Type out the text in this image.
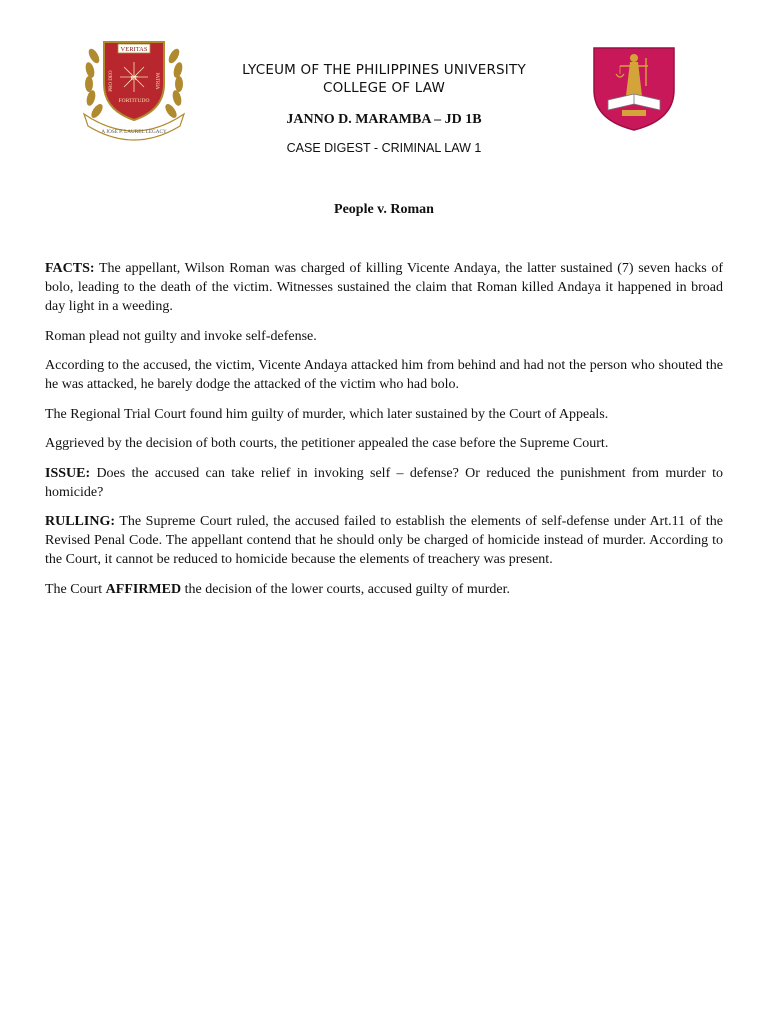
A JOSE P. LAUREL LEGACY
VERITAS
PRO DEO	PATRIA
ET
FORTITUDO
LYCEUM OF THE PHILIPPINES UNIVERSITY
COLLEGE OF LAW
JANNO D. MARAMBA – JD 1B
CASE DIGEST - CRIMINAL LAW 1
People v. Roman

FACTS: The appellant, Wilson Roman was charged of killing Vicente Andaya, the latter sustained (7) seven hacks of bolo, leading to the death of the victim. Witnesses sustained the claim that Roman killed Andaya it happened in broad day light in a weeding.

Roman plead not guilty and invoke self-defense.

According to the accused, the victim, Vicente Andaya attacked him from behind and had not the person who shouted the he was attacked, he barely dodge the attacked of the victim who had bolo.

The Regional Trial Court found him guilty of murder, which later sustained by the Court of Appeals.

Aggrieved by the decision of both courts, the petitioner appealed the case before the Supreme Court.

ISSUE: Does the accused can take relief in invoking self – defense? Or reduced the punishment from murder to homicide?

RULLING: The Supreme Court ruled, the accused failed to establish the elements of self-defense under Art.11 of the Revised Penal Code. The appellant contend that he should only be charged of homicide instead of murder. According to the Court, it cannot be reduced to homicide because the elements of treachery was present.

The Court AFFIRMED the decision of the lower courts, accused guilty of murder.
